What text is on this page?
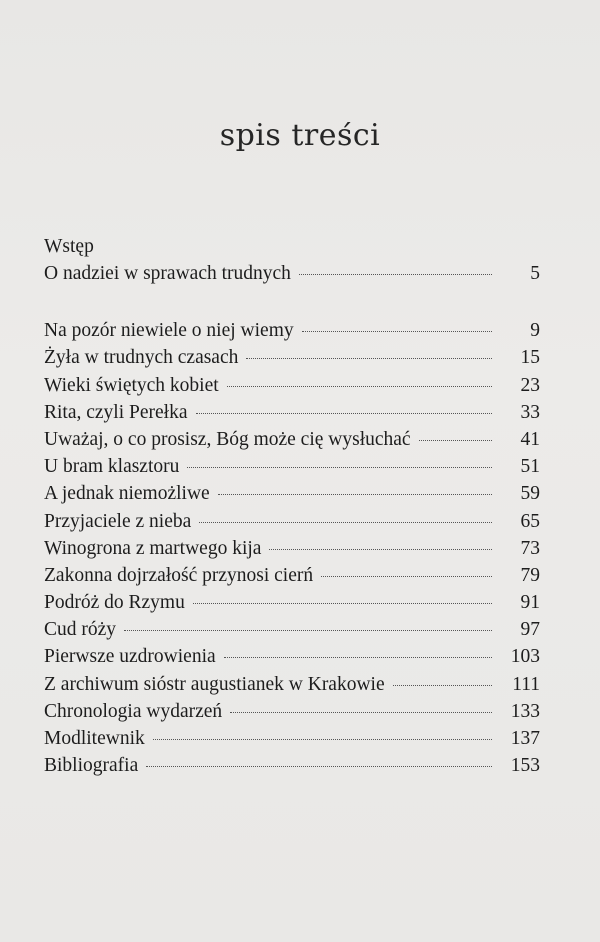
spis treści
Wstęp
O nadziei w sprawach trudnych	5
Na pozór niewiele o niej wiemy	9
Żyła w trudnych czasach	15
Wieki świętych kobiet	23
Rita, czyli Perełka	33
Uważaj, o co prosisz, Bóg może cię wysłuchać	41
U bram klasztoru	51
A jednak niemożliwe	59
Przyjaciele z nieba	65
Winogrona z martwego kija	73
Zakonna dojrzałość przynosi cierń	79
Podróż do Rzymu	91
Cud róży	97
Pierwsze uzdrowienia	103
Z archiwum sióstr augustianek w Krakowie	111
Chronologia wydarzeń	133
Modlitewnik	137
Bibliografia	153
